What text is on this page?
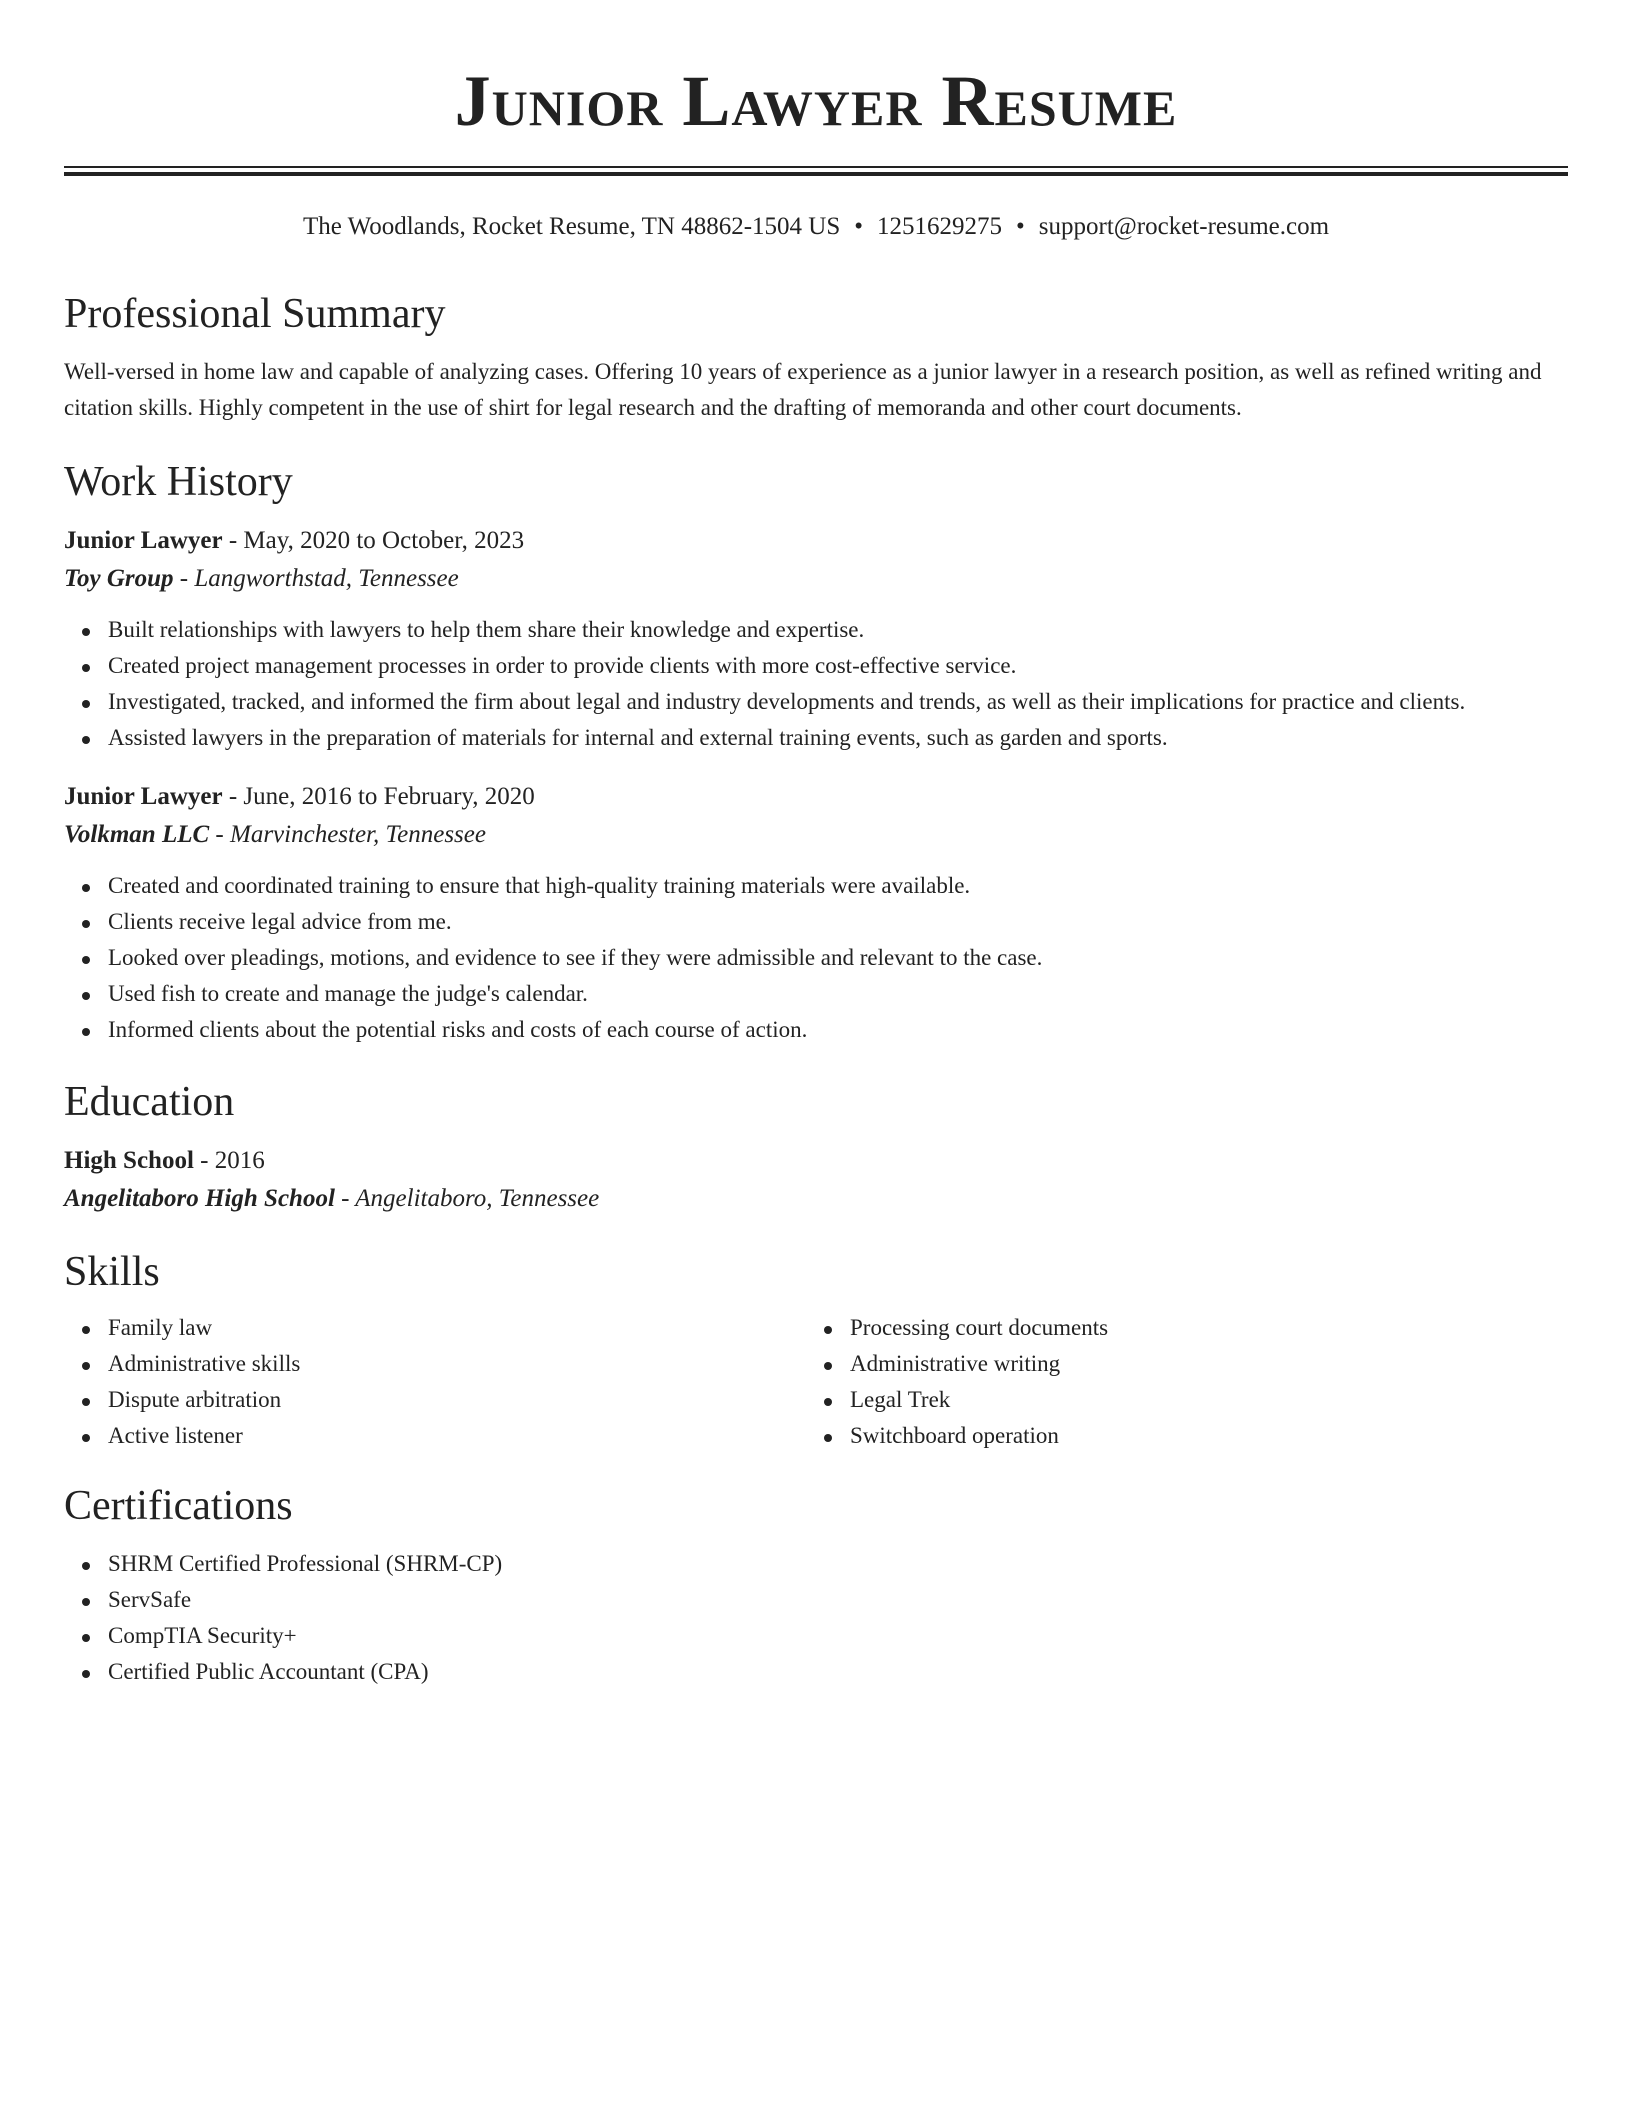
Junior Lawyer Resume
The Woodlands, Rocket Resume, TN 48862-1504 US • 1251629275 • support@rocket-resume.com
Professional Summary

Well-versed in home law and capable of analyzing cases. Offering 10 years of experience as a junior lawyer in a research position, as well as refined writing and citation skills. Highly competent in the use of shirt for legal research and the drafting of memoranda and other court documents.

Work History
Junior Lawyer - May, 2020 to October, 2023
Toy Group - Langworthstad, Tennessee
Built relationships with lawyers to help them share their knowledge and expertise.
Created project management processes in order to provide clients with more cost-effective service.
Investigated, tracked, and informed the firm about legal and industry developments and trends, as well as their implications for practice and clients.
Assisted lawyers in the preparation of materials for internal and external training events, such as garden and sports.
Junior Lawyer - June, 2016 to February, 2020
Volkman LLC - Marvinchester, Tennessee
Created and coordinated training to ensure that high-quality training materials were available.
Clients receive legal advice from me.
Looked over pleadings, motions, and evidence to see if they were admissible and relevant to the case.
Used fish to create and manage the judge's calendar.
Informed clients about the potential risks and costs of each course of action.
Education
High School - 2016
Angelitaboro High School - Angelitaboro, Tennessee
Skills
Family law
Administrative skills
Dispute arbitration
Active listener
Processing court documents
Administrative writing
Legal Trek
Switchboard operation
Certifications
SHRM Certified Professional (SHRM-CP)
ServSafe
CompTIA Security+
Certified Public Accountant (CPA)
